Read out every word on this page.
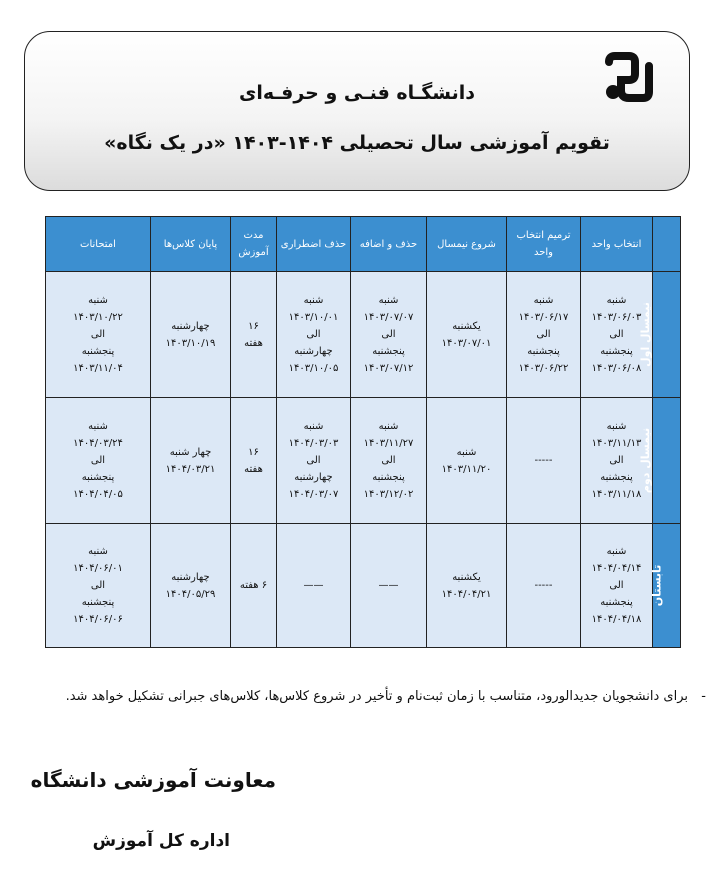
دانشگـاه فنـی و حرفـه‌ای
تقویم آموزشی سال تحصیلی ۱۴۰۴-۱۴۰۳ «در یک نگاه»
	انتخاب واحد	ترمیم انتخاب واحد	شروع نیمسال	حذف و اضافه	حذف اضطراری	مدت آموزش	پایان کلاس‌ها	امتحانات
نیمسال اول	شنبه
۱۴۰۳/۰۶/۰۳
الی
پنجشنبه
۱۴۰۳/۰۶/۰۸	شنبه
۱۴۰۳/۰۶/۱۷
الی
پنجشنبه
۱۴۰۳/۰۶/۲۲	یکشنبه
۱۴۰۳/۰۷/۰۱	شنبه
۱۴۰۳/۰۷/۰۷
الی
پنجشنبه
۱۴۰۳/۰۷/۱۲	شنبه
۱۴۰۳/۱۰/۰۱
الی
چهارشنبه
۱۴۰۳/۱۰/۰۵	۱۶
هفته	چهارشنبه
۱۴۰۳/۱۰/۱۹	شنبه
۱۴۰۳/۱۰/۲۲
الی
پنجشنبه
۱۴۰۳/۱۱/۰۴

نیمسال دوم	شنبه
۱۴۰۳/۱۱/۱۳
الی
پنجشنبه
۱۴۰۳/۱۱/۱۸	-----	شنبه
۱۴۰۳/۱۱/۲۰	شنبه
۱۴۰۳/۱۱/۲۷
الی
پنجشنبه
۱۴۰۳/۱۲/۰۲	شنبه
۱۴۰۴/۰۳/۰۳
الی
چهارشنبه
۱۴۰۴/۰۳/۰۷	۱۶
هفته	چهار شنبه
۱۴۰۴/۰۳/۲۱	شنبه
۱۴۰۴/۰۳/۲۴
الی
پنجشنبه
۱۴۰۴/۰۴/۰۵

تابستان	شنبه
۱۴۰۴/۰۴/۱۴
الی
پنجشنبه
۱۴۰۴/۰۴/۱۸	-----	یکشنبه
۱۴۰۴/۰۴/۲۱	——	——	۶ هفته	چهارشنبه
۱۴۰۴/۰۵/۲۹	شنبه
۱۴۰۴/۰۶/۰۱
الی
پنجشنبه
۱۴۰۴/۰۶/۰۶
-
برای دانشجویان جدیدالورود، متناسب با زمان ثبت‌نام و تأخیر در شروع کلاس‌ها، کلاس‌های جبرانی تشکیل خواهد شد.
معاونت آموزشی دانشگاه
اداره کل آموزش
